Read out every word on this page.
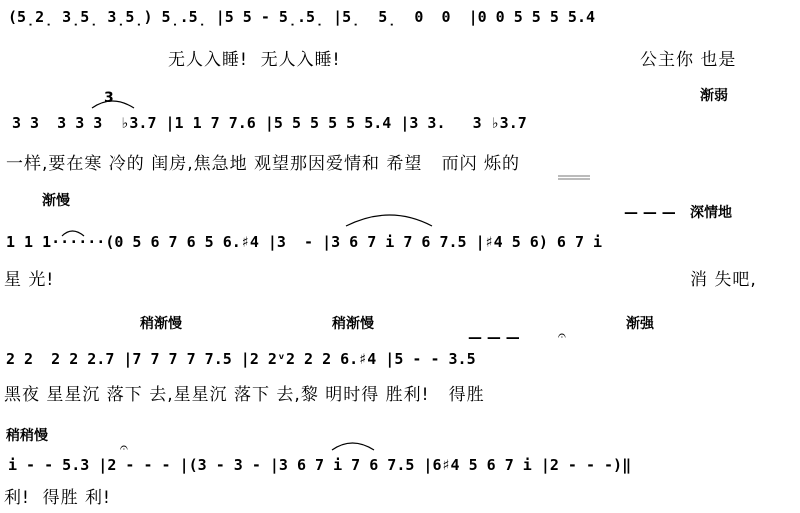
(5̣2̣ 3̣5̣ 3̣5̣) 5̣.5̣ |5 5 - 5̣.5̣ |5̣  5̣  0  0  |0 0 5 5 5 5.4
无人入睡!  无人入睡!	公主你 也是
渐弱
3
3 3  3 3 3  ♭3.7 |1 1 7 7.6 |5 5 5 5 5 5.4 |3 3.   3 ♭3.7
一样,要在寒 冷的 闺房,焦急地 观望那因爱情和 希望   而闪 烁的
渐慢
— — — 深情地
1 1 1······(0 5 6 7 6 5 6.♯4 |3  - |3 6 7 i 7 6 7.5 |♯4 5 6) 6 7 i
星 光!	消 失吧,
稍渐慢	稍渐慢	渐强
— — —	𝄐
2 2  2 2 2.7 |7 7 7 7 7.5 |2 2ᵛ2 2 2 6.♯4 |5 - - 3.5
黑夜 星星沉 落下 去,星星沉 落下 去,黎 明时得 胜利!   得胜
稍稍慢
𝄐
i - - 5.3 |2 - - - |(3 - 3 - |3 6 7 i 7 6 7.5 |6♯4 5 6 7 i |2 - - -)‖
利!  得胜 利!
